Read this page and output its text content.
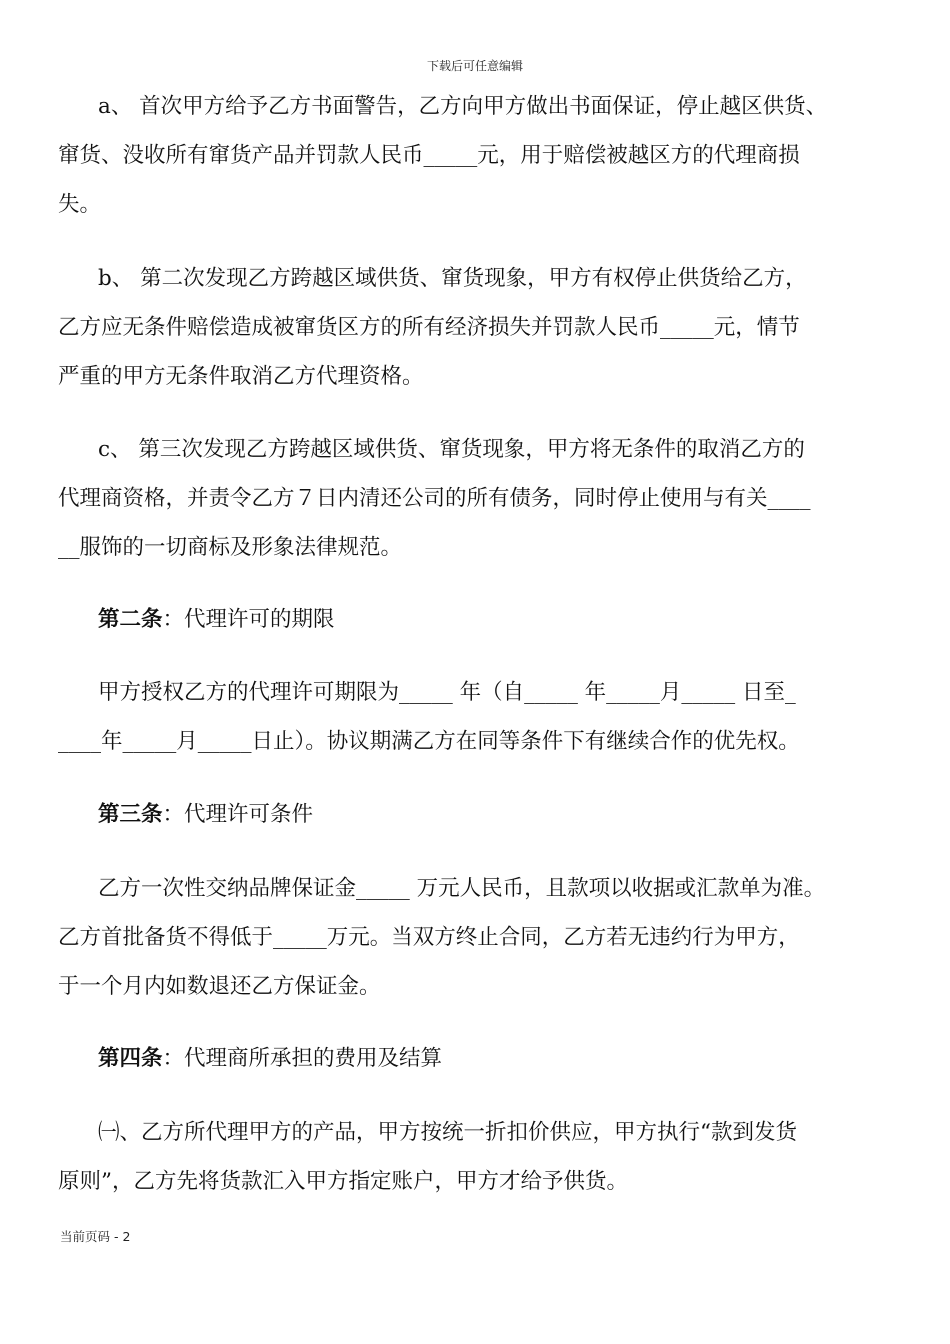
下载后可任意编辑
a、 首次甲方给予乙方书面警告，乙方向甲方做出书面保证，停止越区供货、
窜货、没收所有窜货产品并罚款人民币_____元，用于赔偿被越区方的代理商损
失。
b、 第二次发现乙方跨越区域供货、窜货现象，甲方有权停止供货给乙方，
乙方应无条件赔偿造成被窜货区方的所有经济损失并罚款人民币_____元，情节
严重的甲方无条件取消乙方代理资格。
c、 第三次发现乙方跨越区域供货、窜货现象，甲方将无条件的取消乙方的
代理商资格，并责令乙方７日内清还公司的所有债务，同时停止使用与有关____
__服饰的一切商标及形象法律规范。
第二条：代理许可的期限
甲方授权乙方的代理许可期限为_____ 年（自_____ 年_____月_____ 日至_
____年_____月_____日止）。协议期满乙方在同等条件下有继续合作的优先权。
第三条：代理许可条件
乙方一次性交纳品牌保证金_____ 万元人民币，且款项以收据或汇款单为准。
乙方首批备货不得低于_____万元。当双方终止合同，乙方若无违约行为甲方，
于一个月内如数退还乙方保证金。
第四条：代理商所承担的费用及结算
㈠、乙方所代理甲方的产品，甲方按统一折扣价供应，甲方执行“款到发货
原则”，乙方先将货款汇入甲方指定账户，甲方才给予供货。
当前页码 - 2
